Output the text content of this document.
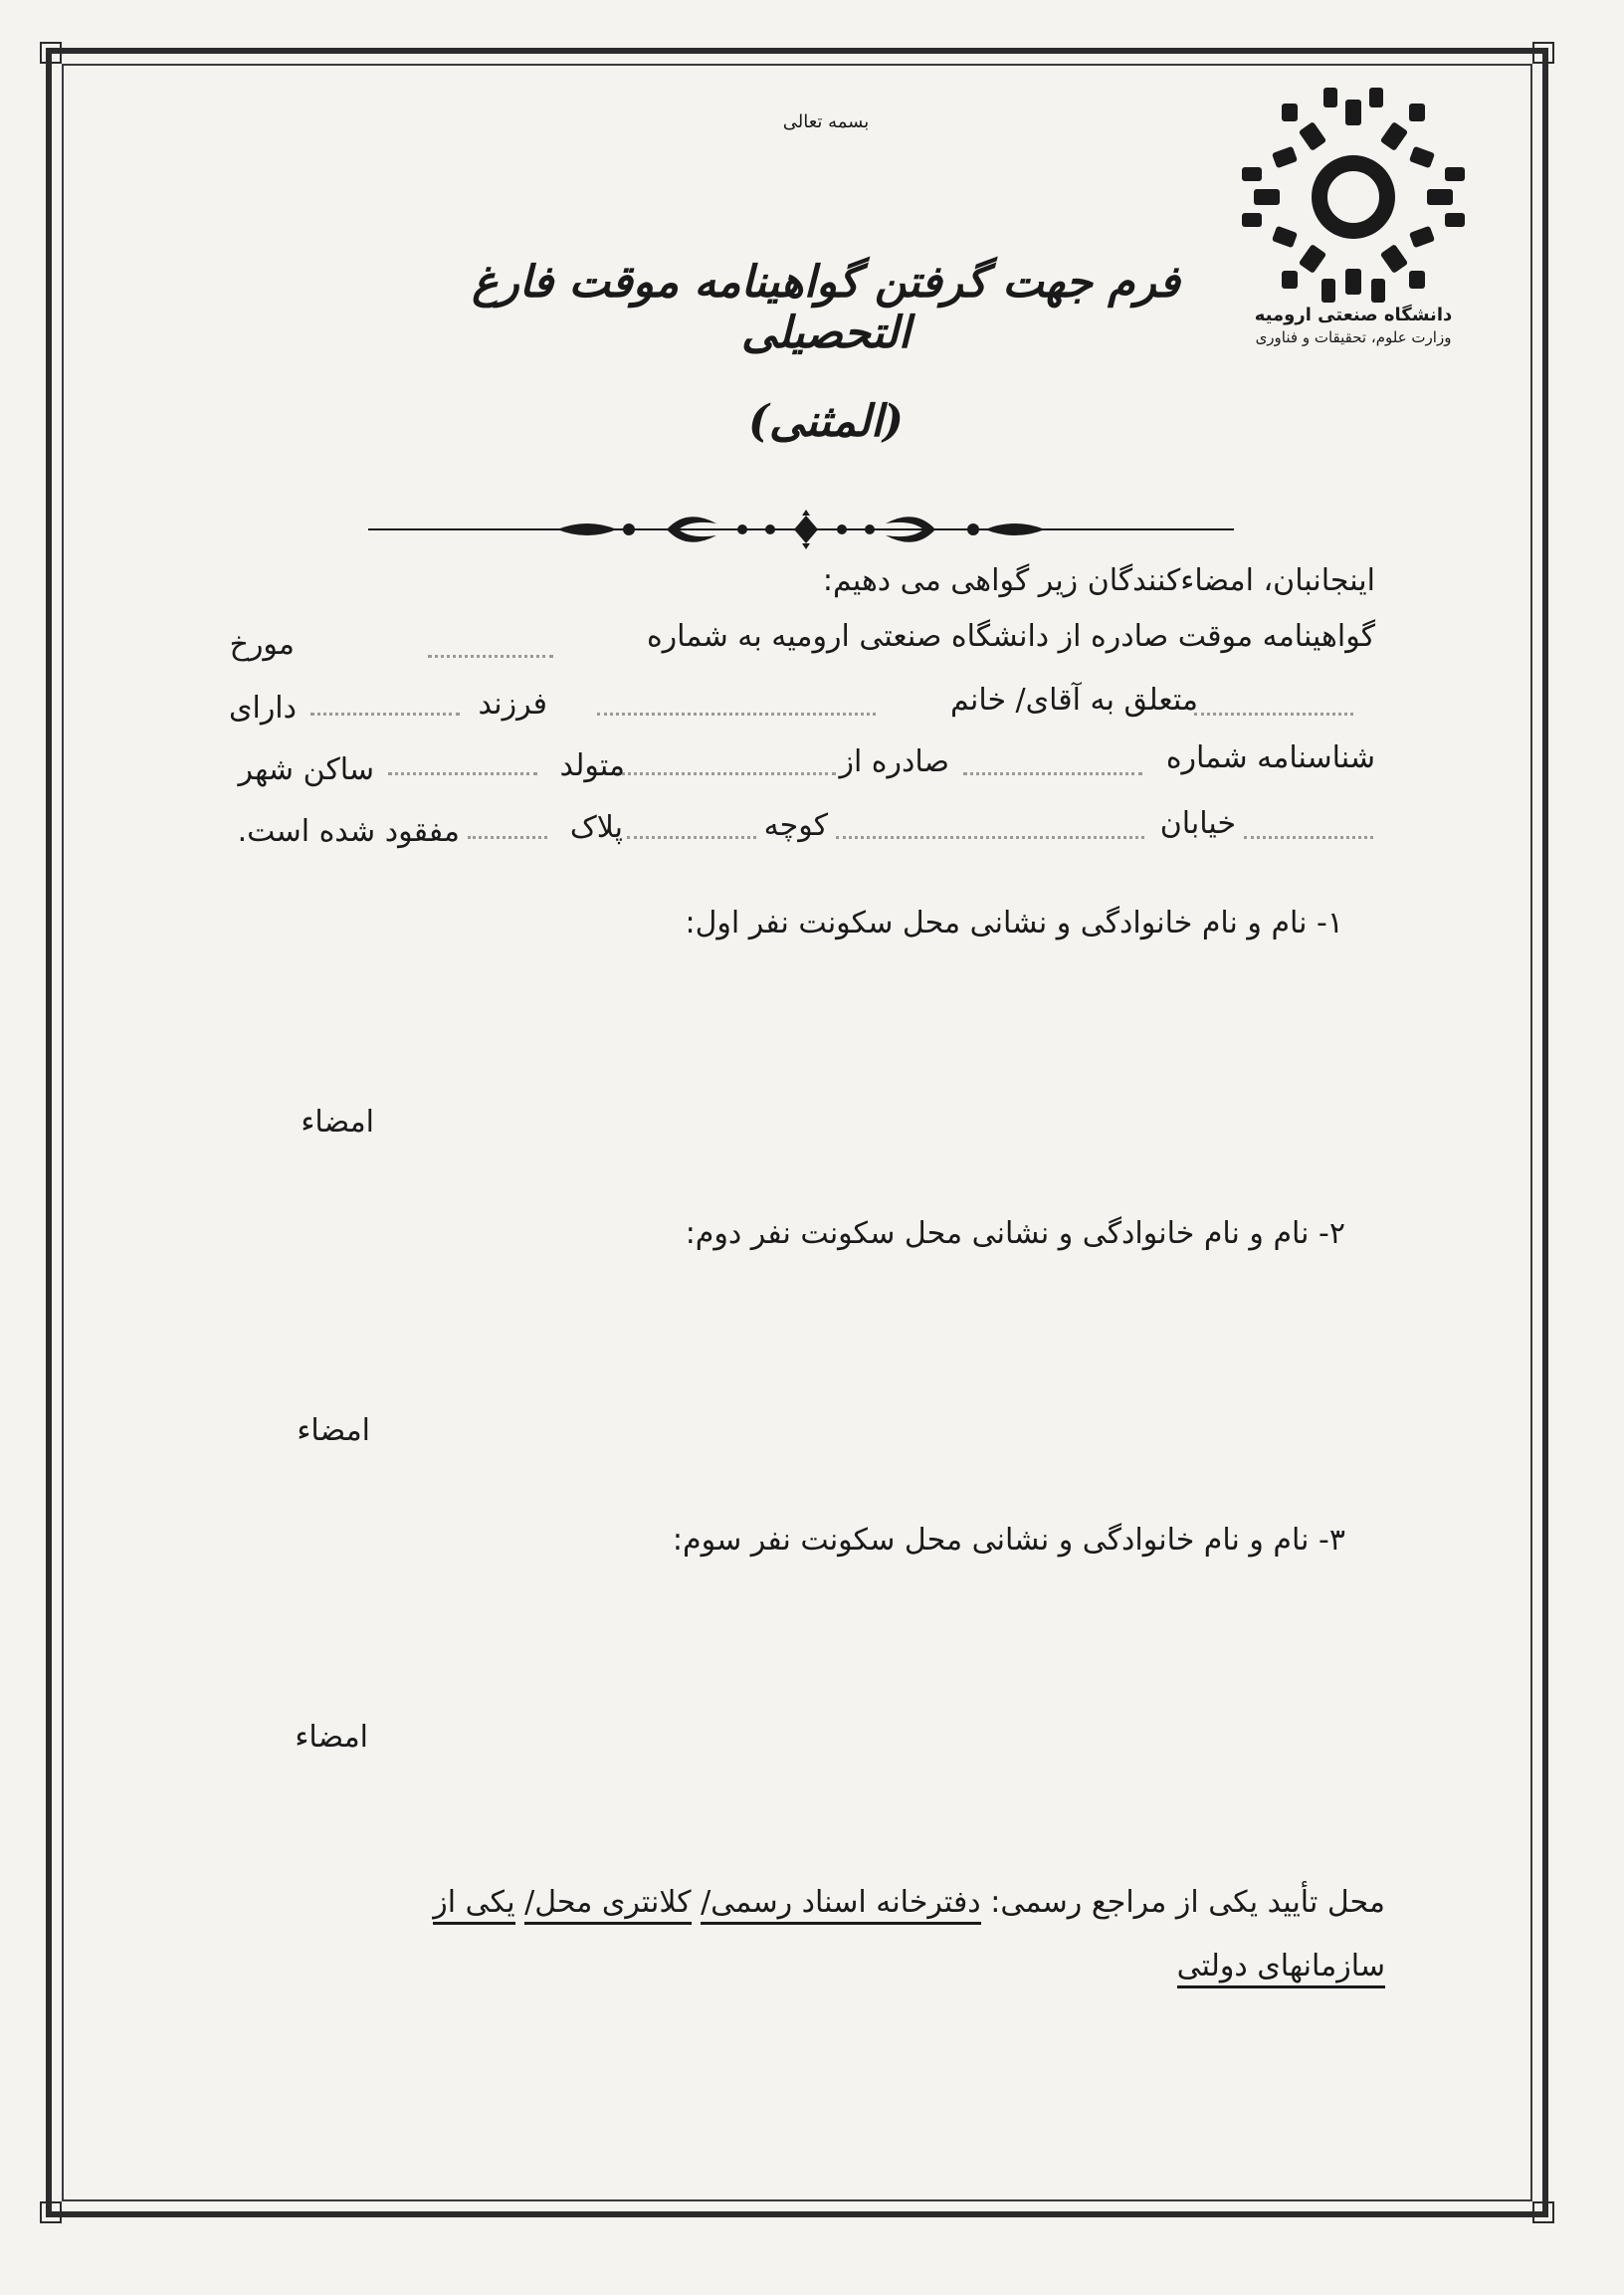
دانشگاه صنعتی ارومیه
وزارت علوم، تحقیقات و فناوری
بسمه تعالی
فرم جهت گرفتن گواهینامه موقت فارغ التحصیلی
(المثنی)
اینجانبان، امضاءکنندگان زیر گواهی می دهیم:
گواهینامه موقت صادره از دانشگاه صنعتی ارومیه به شماره
مورخ
متعلق به آقای/ خانم
فرزند
دارای
شناسنامه شماره
صادره از
متولد
ساکن شهر
خیابان
کوچه
پلاک
مفقود شده است.
۱- نام و نام خانوادگی و نشانی محل سکونت نفر اول:
امضاء
۲- نام و نام خانوادگی و نشانی محل سکونت نفر دوم:
امضاء
۳- نام و نام خانوادگی و نشانی محل سکونت نفر سوم:
امضاء
محل تأیید یکی از مراجع رسمی: دفترخانه اسناد رسمی/ کلانتری محل/ یکی از
سازمانهای دولتی
